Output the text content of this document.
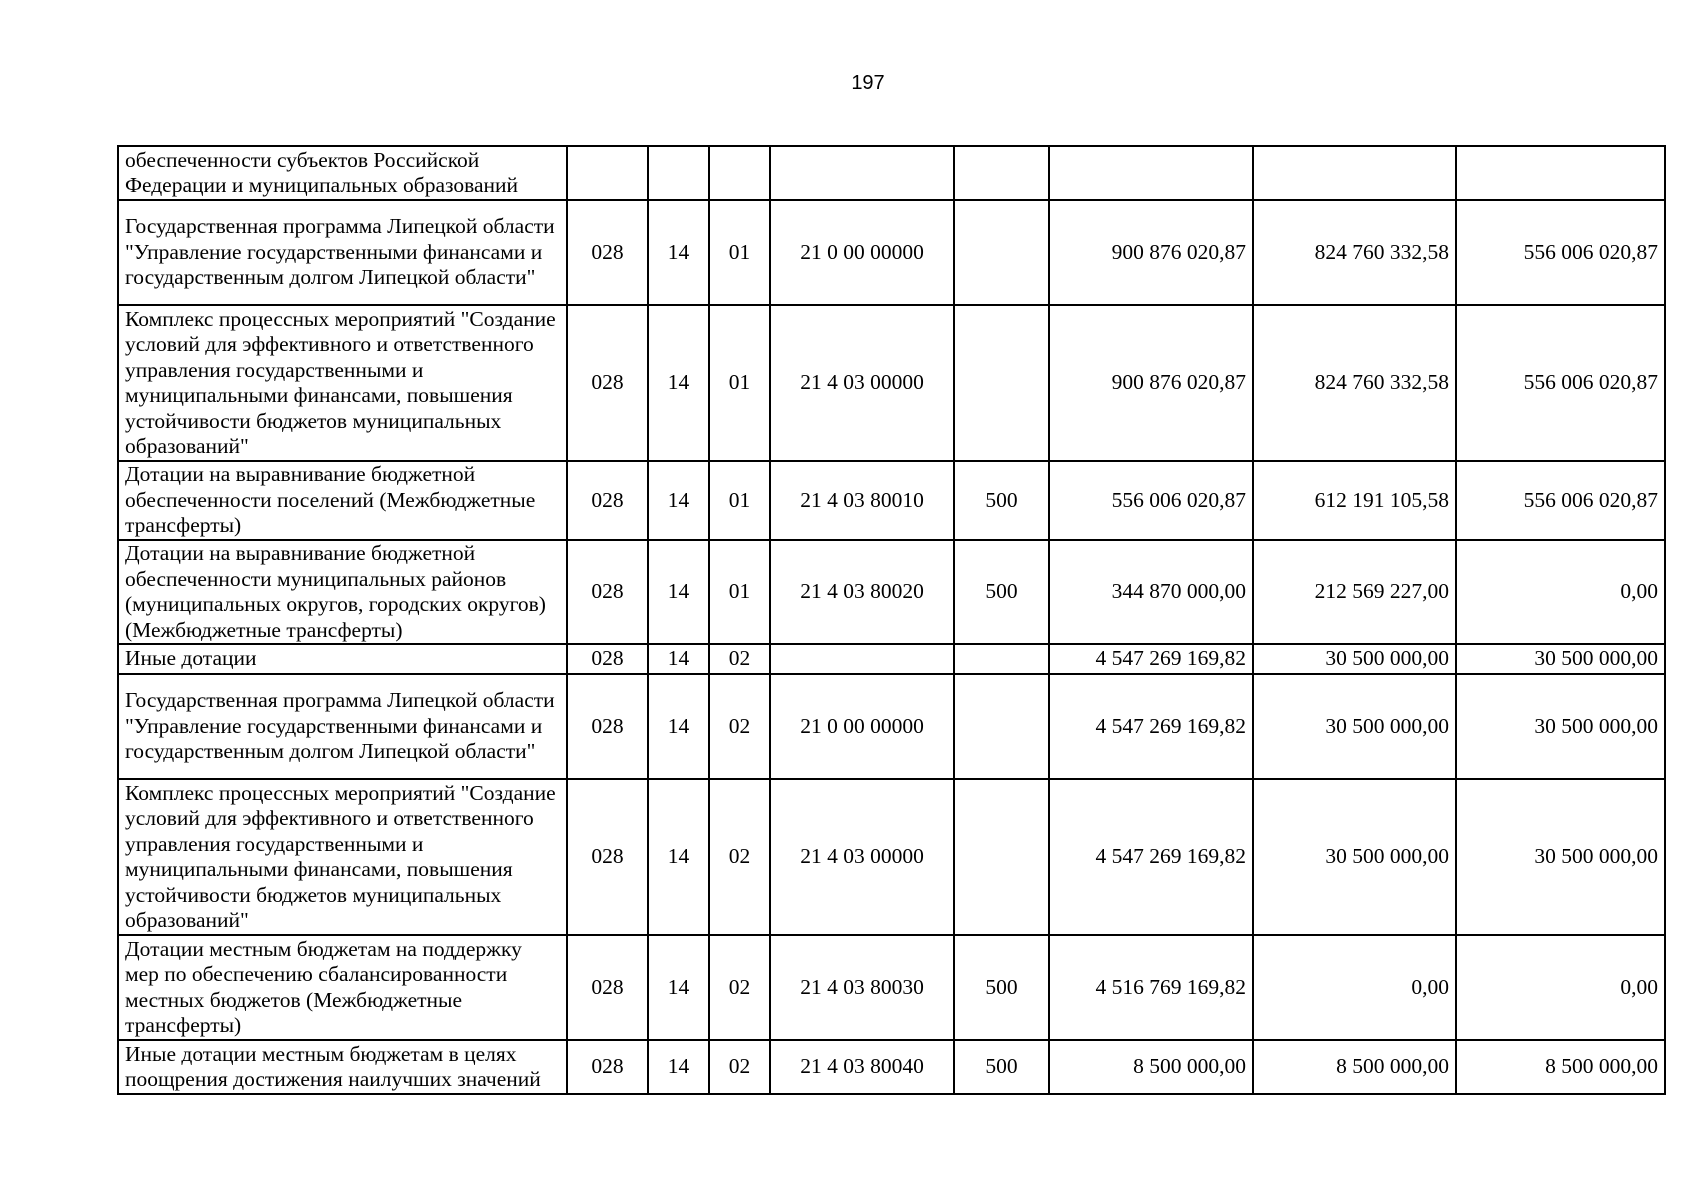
197
обеспеченности субъектов Российской Федерации и муниципальных образований								
Государственная программа Липецкой области "Управление государственными финансами и государственным долгом Липецкой области"	028	14	01	21 0 00 00000		900 876 020,87	824 760 332,58	556 006 020,87
Комплекс процессных мероприятий "Создание условий для эффективного и ответственного управления государственными и муниципальными финансами, повышения устойчивости бюджетов муниципальных образований"	028	14	01	21 4 03 00000		900 876 020,87	824 760 332,58	556 006 020,87
Дотации на выравнивание бюджетной обеспеченности поселений (Межбюджетные трансферты)	028	14	01	21 4 03 80010	500	556 006 020,87	612 191 105,58	556 006 020,87
Дотации на выравнивание бюджетной обеспеченности муниципальных районов (муниципальных округов, городских округов) (Межбюджетные трансферты)	028	14	01	21 4 03 80020	500	344 870 000,00	212 569 227,00	0,00
Иные дотации	028	14	02			4 547 269 169,82	30 500 000,00	30 500 000,00
Государственная программа Липецкой области "Управление государственными финансами и государственным долгом Липецкой области"	028	14	02	21 0 00 00000		4 547 269 169,82	30 500 000,00	30 500 000,00
Комплекс процессных мероприятий "Создание условий для эффективного и ответственного управления государственными и муниципальными финансами, повышения устойчивости бюджетов муниципальных образований"	028	14	02	21 4 03 00000		4 547 269 169,82	30 500 000,00	30 500 000,00
Дотации местным бюджетам на поддержку мер по обеспечению сбалансированности местных бюджетов (Межбюджетные трансферты)	028	14	02	21 4 03 80030	500	4 516 769 169,82	0,00	0,00
Иные дотации местным бюджетам в целях поощрения достижения наилучших значений	028	14	02	21 4 03 80040	500	8 500 000,00	8 500 000,00	8 500 000,00
